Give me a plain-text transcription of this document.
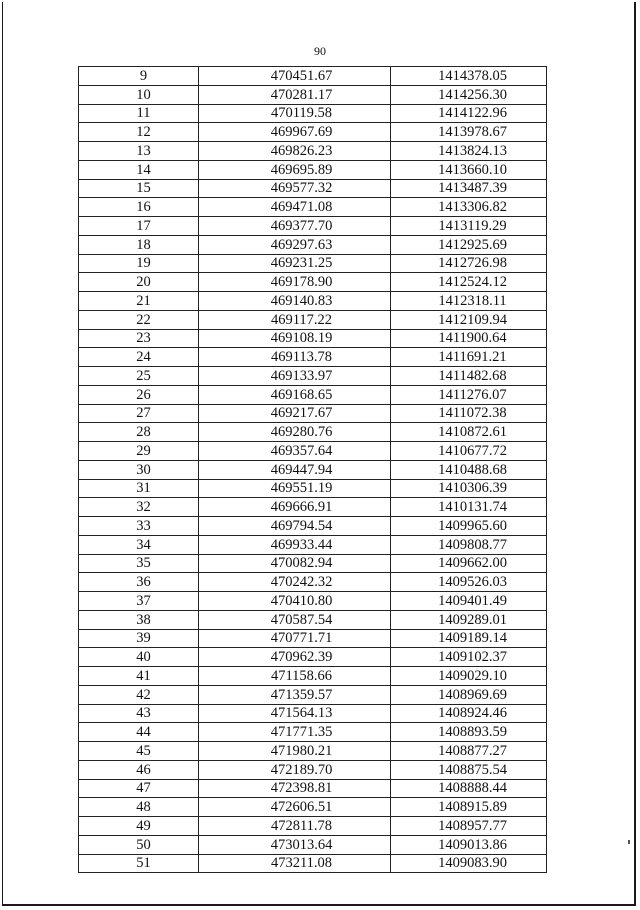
90
9	470451.67	1414378.05
10	470281.17	1414256.30
11	470119.58	1414122.96
12	469967.69	1413978.67
13	469826.23	1413824.13
14	469695.89	1413660.10
15	469577.32	1413487.39
16	469471.08	1413306.82
17	469377.70	1413119.29
18	469297.63	1412925.69
19	469231.25	1412726.98
20	469178.90	1412524.12
21	469140.83	1412318.11
22	469117.22	1412109.94
23	469108.19	1411900.64
24	469113.78	1411691.21
25	469133.97	1411482.68
26	469168.65	1411276.07
27	469217.67	1411072.38
28	469280.76	1410872.61
29	469357.64	1410677.72
30	469447.94	1410488.68
31	469551.19	1410306.39
32	469666.91	1410131.74
33	469794.54	1409965.60
34	469933.44	1409808.77
35	470082.94	1409662.00
36	470242.32	1409526.03
37	470410.80	1409401.49
38	470587.54	1409289.01
39	470771.71	1409189.14
40	470962.39	1409102.37
41	471158.66	1409029.10
42	471359.57	1408969.69
43	471564.13	1408924.46
44	471771.35	1408893.59
45	471980.21	1408877.27
46	472189.70	1408875.54
47	472398.81	1408888.44
48	472606.51	1408915.89
49	472811.78	1408957.77
50	473013.64	1409013.86
51	473211.08	1409083.90
